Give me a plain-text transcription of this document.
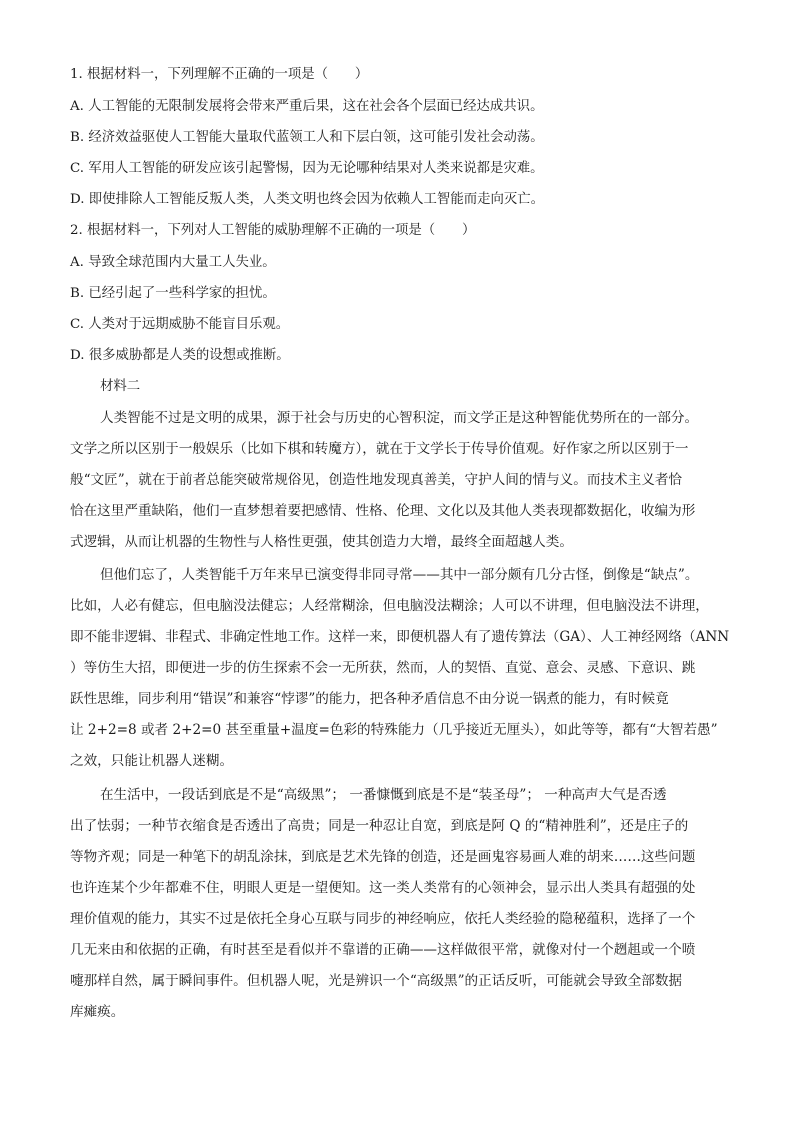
1. 根据材料一，下列理解不正确的一项是（　　）
A. 人工智能的无限制发展将会带来严重后果，这在社会各个层面已经达成共识。
B. 经济效益驱使人工智能大量取代蓝领工人和下层白领，这可能引发社会动荡。
C. 军用人工智能的研发应该引起警惕，因为无论哪种结果对人类来说都是灾难。
D. 即使排除人工智能反叛人类，人类文明也终会因为依赖人工智能而走向灭亡。
2. 根据材料一，下列对人工智能的威胁理解不正确的一项是（　　）
A. 导致全球范围内大量工人失业。
B. 已经引起了一些科学家的担忧。
C. 人类对于远期威胁不能盲目乐观。
D. 很多威胁都是人类的设想或推断。
材料二
人类智能不过是文明的成果，源于社会与历史的心智积淀，而文学正是这种智能优势所在的一部分。
文学之所以区别于一般娱乐（比如下棋和转魔方），就在于文学长于传导价值观。好作家之所以区别于一
般“文匠”，就在于前者总能突破常规俗见，创造性地发现真善美，守护人间的情与义。而技术主义者恰
恰在这里严重缺陷，他们一直梦想着要把感情、性格、伦理、文化以及其他人类表现都数据化，收编为形
式逻辑，从而让机器的生物性与人格性更强，使其创造力大增，最终全面超越人类。
但他们忘了，人类智能千万年来早已演变得非同寻常——其中一部分颇有几分古怪，倒像是“缺点”。
比如，人必有健忘，但电脑没法健忘；人经常糊涂，但电脑没法糊涂；人可以不讲理，但电脑没法不讲理，
即不能非逻辑、非程式、非确定性地工作。这样一来，即便机器人有了遗传算法（GA）、人工神经网络（ANN
）等仿生大招，即便进一步的仿生探索不会一无所获，然而，人的契悟、直觉、意会、灵感、下意识、跳
跃性思维，同步利用“错误”和兼容“悖谬”的能力，把各种矛盾信息不由分说一锅煮的能力，有时候竟
让 2+2=8 或者 2+2=0 甚至重量+温度=色彩的特殊能力（几乎接近无厘头），如此等等，都有“大智若愚”
之效，只能让机器人迷糊。
在生活中，一段话到底是不是“高级黑”； 一番慷慨到底是不是“装圣母”； 一种高声大气是否透
出了怯弱；一种节衣缩食是否透出了高贵；同是一种忍让自宽，到底是阿 Q 的“精神胜利”，还是庄子的
等物齐观；同是一种笔下的胡乱涂抹，到底是艺术先锋的创造，还是画鬼容易画人难的胡来……这些问题
也许连某个少年都难不住，明眼人更是一望便知。这一类人类常有的心领神会，显示出人类具有超强的处
理价值观的能力，其实不过是依托全身心互联与同步的神经响应，依托人类经验的隐秘蕴积，选择了一个
几无来由和依据的正确，有时甚至是看似并不靠谱的正确——这样做很平常，就像对付一个趔趄或一个喷
嚏那样自然，属于瞬间事件。但机器人呢，光是辨识一个“高级黑”的正话反听，可能就会导致全部数据
库瘫痪。
